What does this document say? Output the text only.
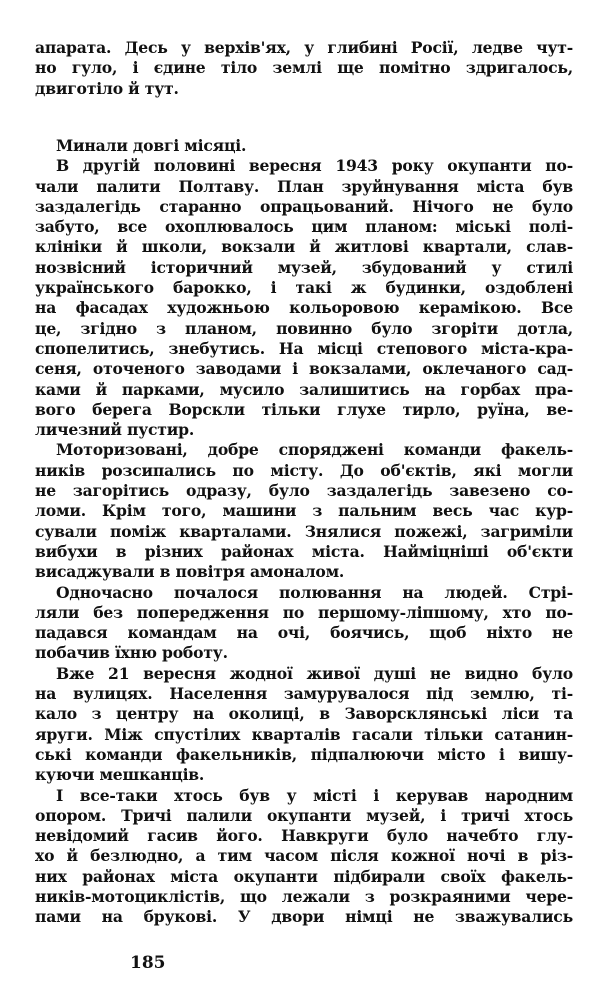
апарата. Десь у верхів'ях, у глибині Росії, ледве чут-
но гуло, і єдине тіло землі ще помітно здригалось,
двиготіло й тут.
Минали довгі місяці.
В другій половині вересня 1943 року окупанти по-
чали палити Полтаву. План зруйнування міста був
заздалегідь старанно опрацьований. Нічого не було
забуто, все охоплювалось цим планом: міські полі-
клініки й школи, вокзали й житлові квартали, слав-
нозвісний історичний музей, збудований у стилі
українського барокко, і такі ж будинки, оздоблені
на фасадах художньою кольоровою керамікою. Все
це, згідно з планом, повинно було згоріти дотла,
спопелитись, знебутись. На місці степового міста-кра-
сеня, оточеного заводами і вокзалами, оклечаного сад-
ками й парками, мусило залишитись на горбах пра-
вого берега Ворскли тільки глухе тирло, руїна, ве-
личезний пустир.
Моторизовані, добре споряджені команди факель-
ників розсипались по місту. До об'єктів, які могли
не загорітись одразу, було заздалегідь завезено со-
ломи. Крім того, машини з пальним весь час кур-
сували поміж кварталами. Знялися пожежі, загриміли
вибухи в різних районах міста. Наймiцніші об'єкти
висаджували в повітря амоналом.
Одночасно почалося полювання на людей. Стрі-
ляли без попередження по першому-ліпшому, хто по-
падався командам на очі, боячись, щоб ніхто не
побачив їхню роботу.
Вже 21 вересня жодної живої душі не видно було
на вулицях. Населення замурувалося під землю, ті-
кало з центру на околиці, в Заворсклянські ліси та
яруги. Між спустілих кварталів гасали тільки сатанин-
ські команди факельників, підпалюючи місто і вишу-
куючи мешканців.
І все-таки хтось був у місті і керував народним
опором. Тричі палили окупанти музей, і тричі хтось
невідомий гасив його. Навкруги було начебто глу-
хо й безлюдно, а тим часом після кожної ночі в різ-
них районах міста окупанти підбирали своїх факель-
ників-мотоциклістів, що лежали з розкраяними чере-
пами на брукові. У двори німці не зважувались
185
